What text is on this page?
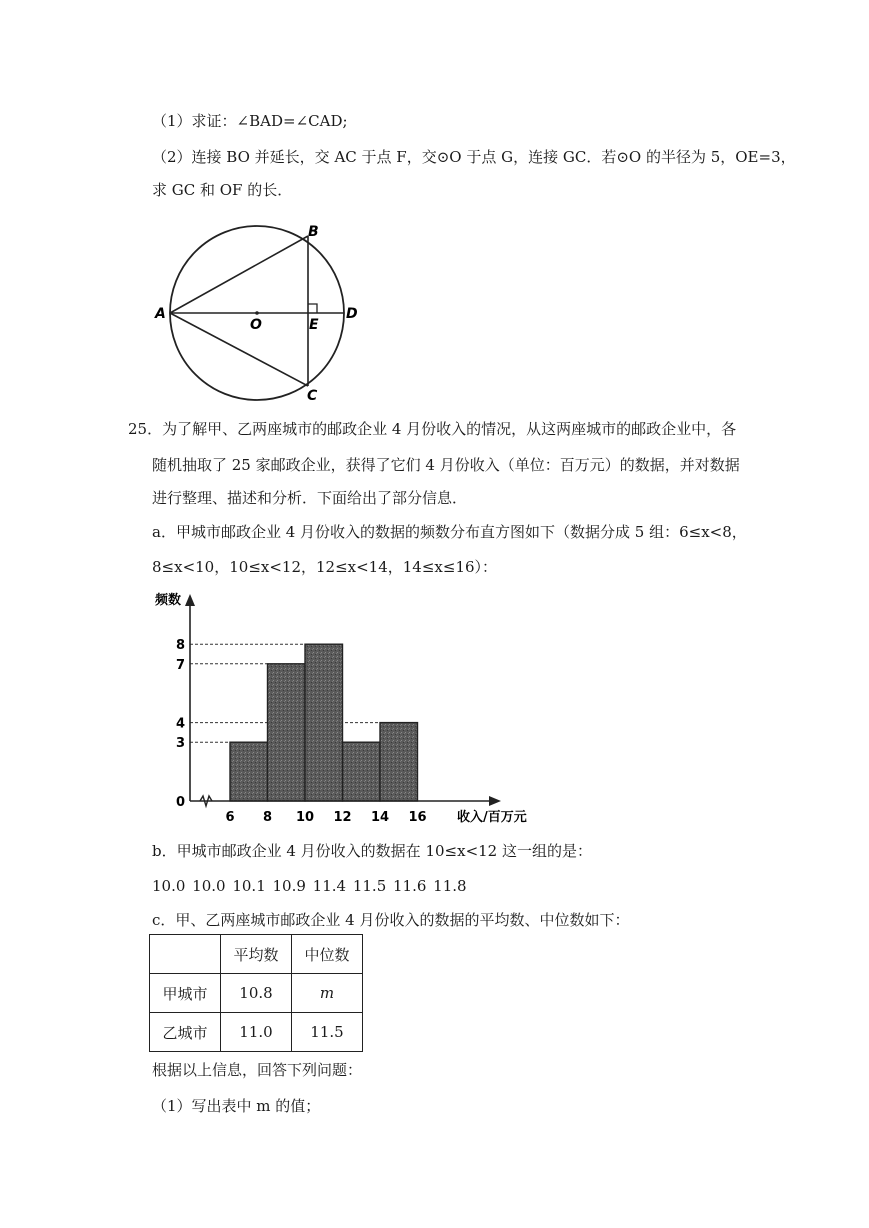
（1）求证：∠BAD=∠CAD;
（2）连接 BO 并延长，交 AC 于点 F，交⊙O 于点 G，连接 GC．若⊙O 的半径为 5，OE=3，
求 GC 和 OF 的长．
A
B
C
D
E
O
25．为了解甲、乙两座城市的邮政企业 4 月份收入的情况，从这两座城市的邮政企业中，各
随机抽取了 25 家邮政企业，获得了它们 4 月份收入（单位：百万元）的数据，并对数据
进行整理、描述和分析．下面给出了部分信息．
a．甲城市邮政企业 4 月份收入的数据的频数分布直方图如下（数据分成 5 组：6≤x<8，
8≤x<10，10≤x<12，12≤x<14，14≤x≤16）：
0
3
4
7
8
6 8 10 12 14 16
频数
收入/百万元
b．甲城市邮政企业 4 月份收入的数据在 10≤x<12 这一组的是：
10.0 10.0 10.1 10.9 11.4 11.5 11.6 11.8
c．甲、乙两座城市邮政企业 4 月份收入的数据的平均数、中位数如下：
	平均数	中位数
甲城市	10.8	m
乙城市	11.0	11.5
根据以上信息，回答下列问题：
（1）写出表中 m 的值；
